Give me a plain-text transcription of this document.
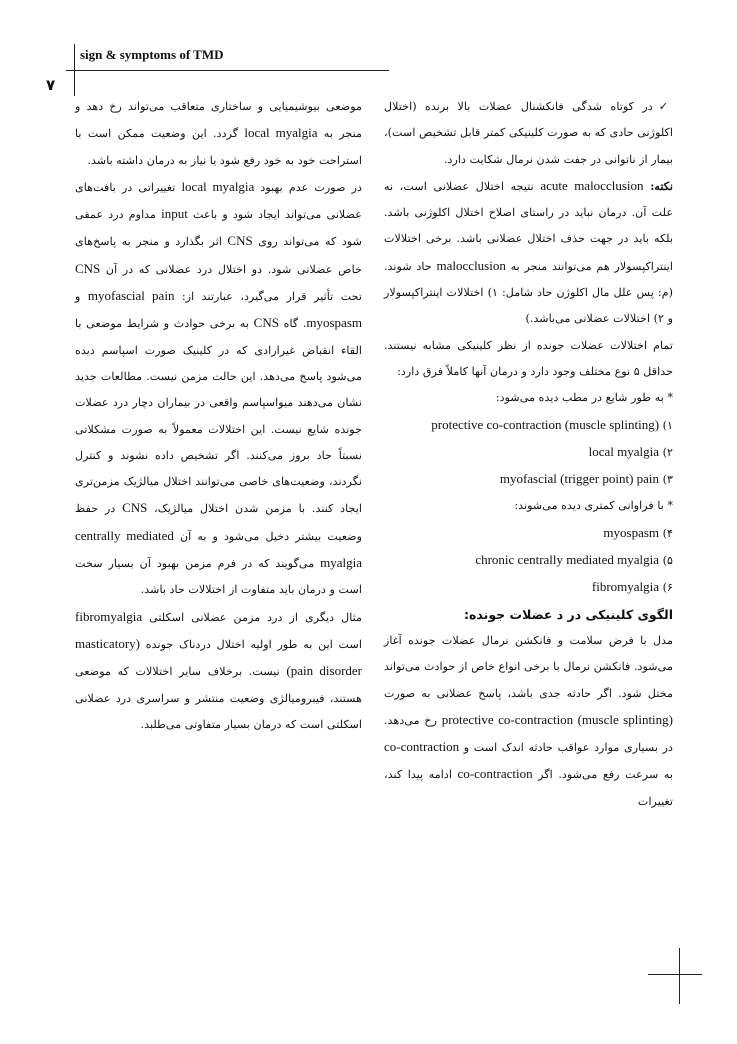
sign & symptoms of TMD
۷

✓در کوتاه شدگی فانکشنال عضلات بالا برنده (اختلال اکلوژنی حادی که به صورت کلینیکی کمتر قابل تشخیص است)، بیمار از ناتوانی در جفت شدن نرمال شکایت دارد.

نکته: acute malocclusion نتیجه اختلال عضلانی است، نه علت آن. درمان نباید در راستای اصلاح اختلال اکلوژنی باشد. بلکه باید در جهت حذف اختلال عضلانی باشد. برخی اختلالات اینتراکپسولار هم می‌توانند منجر به malocclusion حاد شوند. (م: پس علل مال اکلوژن حاد شامل: ۱) اختلالات اینتراکپسولار و ۲) اختلالات عضلانی می‌باشد.)

تمام اختلالات عضلات جونده از نظر کلینیکی مشابه نیستند. حداقل ۵ نوع مختلف وجود دارد و درمان آنها کاملاً فرق دارد:

* به طور شایع در مطب دیده می‌شود:

۱) protective co-contraction (muscle splinting)

۲) local myalgia

۳) myofascial (trigger point) pain

* با فراوانی کمتری دیده می‌شوند:

۴) myospasm

۵) chronic centrally mediated myalgia

۶) fibromyalgia

الگوی کلینیکی در د عضلات جونده:

مدل با فرض سلامت و فانکشن نرمال عضلات جونده آغاز می‌شود. فانکشن نرمال با برخی انواع خاص از حوادث می‌تواند مختل شود. اگر حادثه جدی باشد، پاسخ عضلانی به صورت protective co-contraction (muscle splinting) رخ می‌دهد. در بسیاری موارد عواقب حادثه اندک است و co-contraction به سرعت رفع می‌شود. اگر co-contraction ادامه پیدا کند، تغییرات

موضعی بیوشیمیایی و ساختاری متعاقب می‌تواند رخ دهد و منجر به local myalgia گردد. این وضعیت ممکن است با استراحت خود به خود رفع شود یا نیاز به درمان داشته باشد.

در صورت عدم بهبود local myalgia تغییراتی در بافت‌های عضلانی می‌تواند ایجاد شود و باعث input مداوم درد عمقی شود که می‌تواند روی CNS اثر بگذارد و منجر به پاسخ‌های خاص عضلانی شود. دو اختلال درد عضلانی که در آن CNS تحت تأثیر قرار می‌گیرد، عبارتند از: myofascial pain و myospasm. گاه CNS به برخی حوادث و شرایط موضعی با القاء انقباض غیرارادی که در کلینیک صورت اسپاسم دیده می‌شود پاسخ می‌دهد. این حالت مزمن نیست. مطالعات جدید نشان می‌دهند میواسپاسم واقعی در بیماران دچار درد عضلات جونده شایع نیست. این اختلالات معمولاً به صورت مشکلاتی نسبتاً حاد بروز می‌کنند. اگر تشخیص داده نشوند و کنترل نگردند، وضعیت‌های خاصی می‌توانند اختلال میالژیک مزمن‌تری ایجاد کنند. با مزمن شدن اختلال میالژیک، CNS در حفظ وضعیت بیشتر دخیل می‌شود و به آن centrally mediated myalgia می‌گویند که در فرم مزمن بهبود آن بسیار سخت است و درمان باید متفاوت از اختلالات حاد باشد.

مثال دیگری از درد مزمن عضلانی اسکلتی fibromyalgia است این به طور اولیه اختلال دردناک جونده (masticatory pain disorder) نیست. برخلاف سایر اختلالات که موضعی هستند، فیبرومیالژی وضعیت منتشر و سراسری درد عضلانی اسکلتی است که درمان بسیار متفاوتی می‌طلبد.
